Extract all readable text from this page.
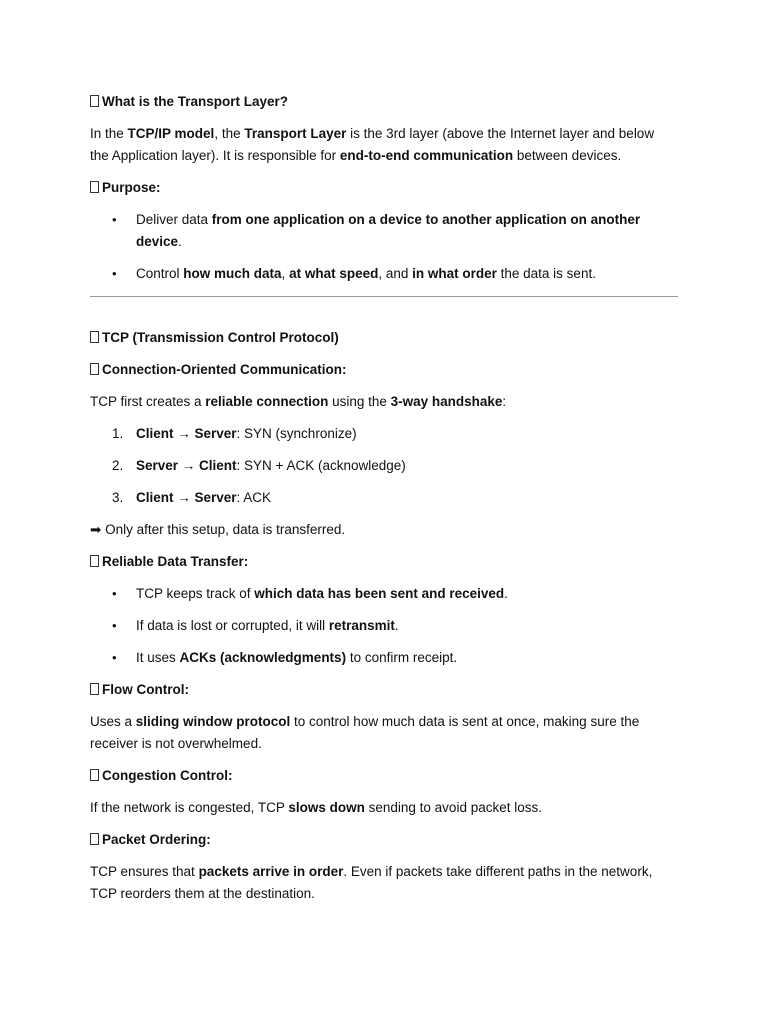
What is the Transport Layer?
In the TCP/IP model, the Transport Layer is the 3rd layer (above the Internet layer and below
the Application layer). It is responsible for end-to-end communication between devices.
Purpose:
• Deliver data from one application on a device to another application on another
device.
• Control how much data, at what speed, and in what order the data is sent.
TCP (Transmission Control Protocol)
Connection-Oriented Communication:
TCP first creates a reliable connection using the 3-way handshake:
1. Client → Server: SYN (synchronize)
2. Server → Client: SYN + ACK (acknowledge)
3. Client → Server: ACK
➡ Only after this setup, data is transferred.
Reliable Data Transfer:
• TCP keeps track of which data has been sent and received.
• If data is lost or corrupted, it will retransmit.
• It uses ACKs (acknowledgments) to confirm receipt.
Flow Control:
Uses a sliding window protocol to control how much data is sent at once, making sure the
receiver is not overwhelmed.
Congestion Control:
If the network is congested, TCP slows down sending to avoid packet loss.
Packet Ordering:
TCP ensures that packets arrive in order. Even if packets take different paths in the network,
TCP reorders them at the destination.
